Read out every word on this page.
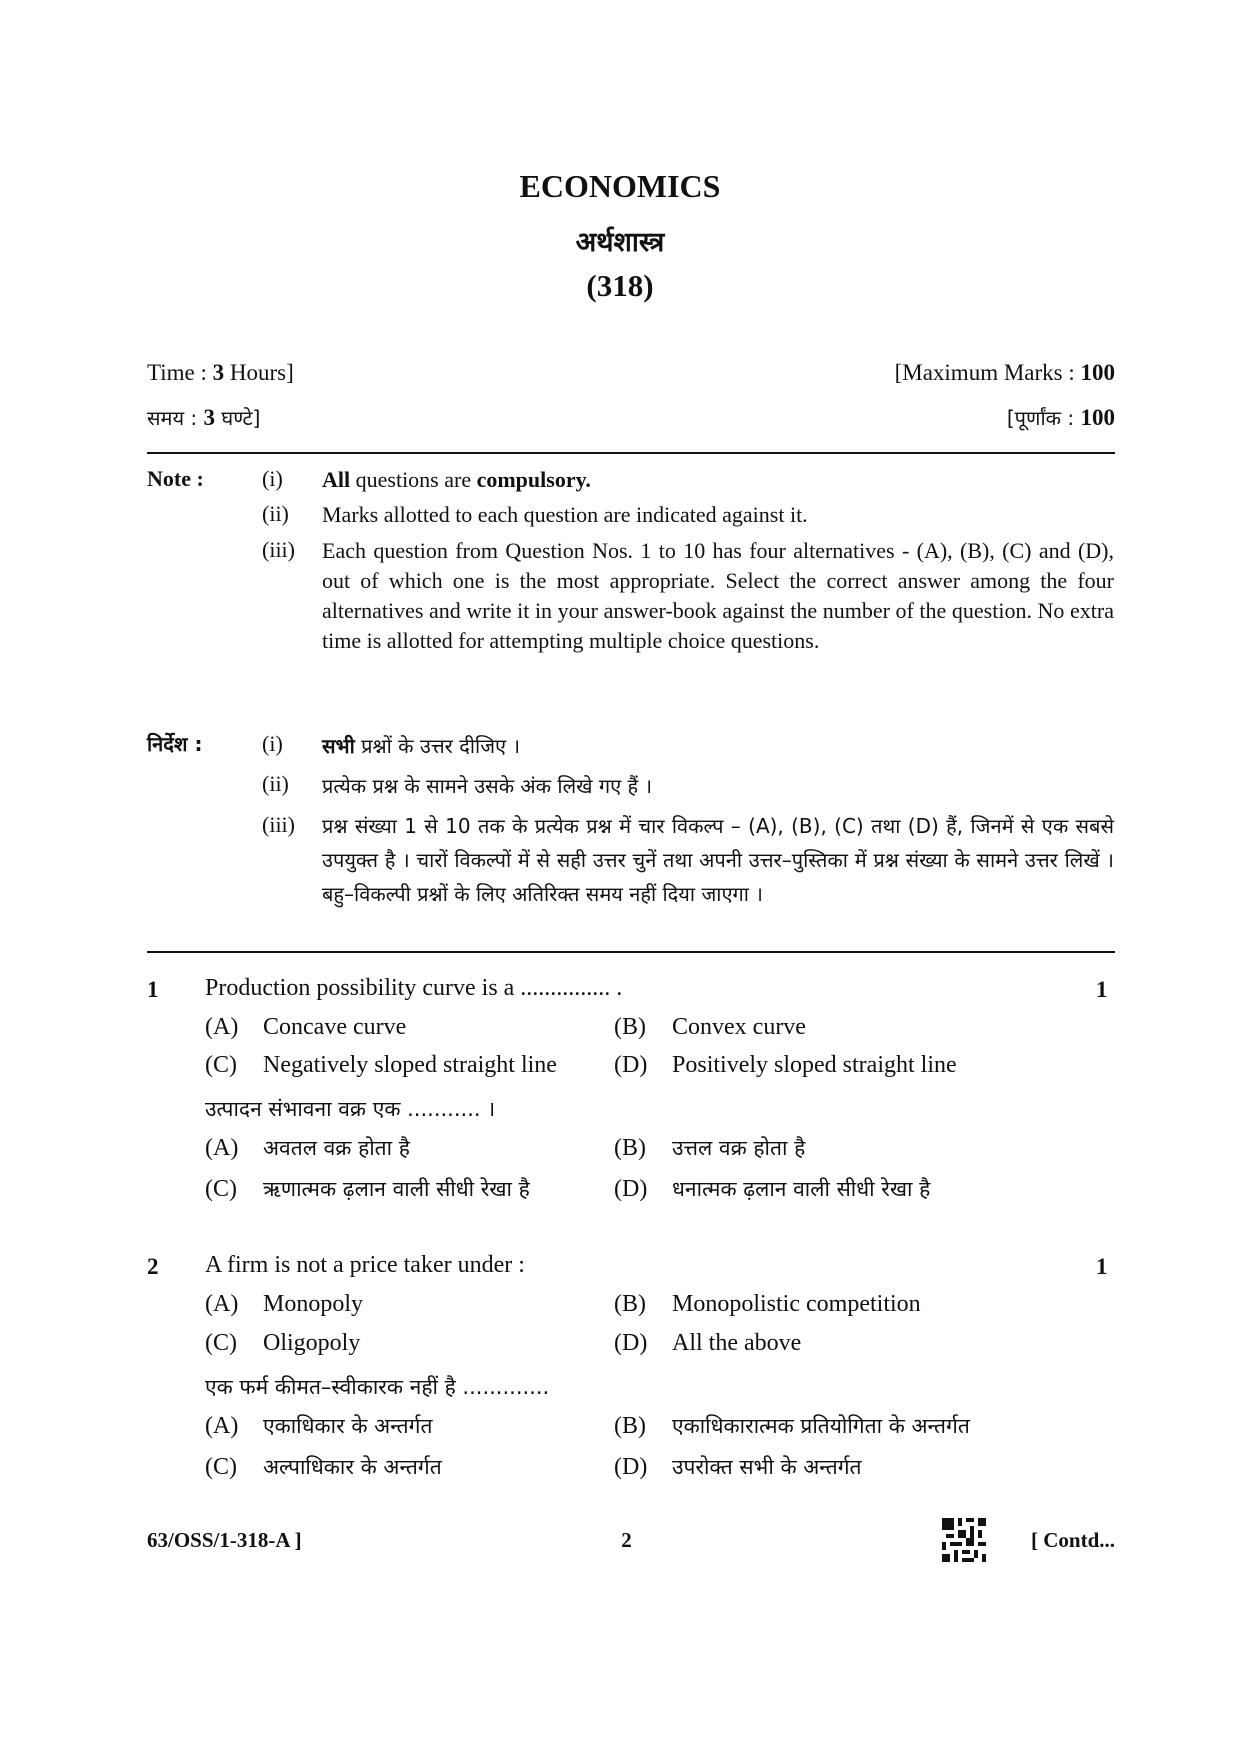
ECONOMICS
अर्थशास्त्र
(318)
Time : 3 Hours]	[Maximum Marks : 100
समय : 3 घण्टे]	[पूर्णांक : 100
Note :	(i) All questions are compulsory.
(ii) Marks allotted to each question are indicated against it.
(iii) Each question from Question Nos. 1 to 10 has four alternatives - (A), (B), (C) and (D), out of which one is the most appropriate. Select the correct answer among the four alternatives and write it in your answer-book against the number of the question. No extra time is allotted for attempting multiple choice questions.
निर्देश :	(i) सभी प्रश्नों के उत्तर दीजिए ।
(ii) प्रत्येक प्रश्न के सामने उसके अंक लिखे गए हैं ।
(iii) प्रश्न संख्या 1 से 10 तक के प्रत्येक प्रश्न में चार विकल्प – (A), (B), (C) तथा (D) हैं, जिनमें से एक सबसे उपयुक्त है । चारों विकल्पों में से सही उत्तर चुनें तथा अपनी उत्तर–पुस्तिका में प्रश्न संख्या के सामने उत्तर लिखें । बहु–विकल्पी प्रश्नों के लिए अतिरिक्त समय नहीं दिया जाएगा ।
1 Production possibility curve is a ............... .	1
(A) Concave curve	(B) Convex curve
(C) Negatively sloped straight line (D) Positively sloped straight line
उत्पादन संभावना वक्र एक ........... ।
(A) अवतल वक्र होता है	(B) उत्तल वक्र होता है
(C) ऋणात्मक ढ़लान वाली सीधी रेखा है	(D) धनात्मक ढ़लान वाली सीधी रेखा है
2 A firm is not a price taker under :	1
(A) Monopoly	(B) Monopolistic competition
(C) Oligopoly	(D) All the above
एक फर्म कीमत–स्वीकारक नहीं है .............
(A) एकाधिकार के अन्तर्गत	(B) एकाधिकारात्मक प्रतियोगिता के अन्तर्गत
(C) अल्पाधिकार के अन्तर्गत	(D) उपरोक्त सभी के अन्तर्गत
63/OSS/1-318-A ]	2	[ Contd...
